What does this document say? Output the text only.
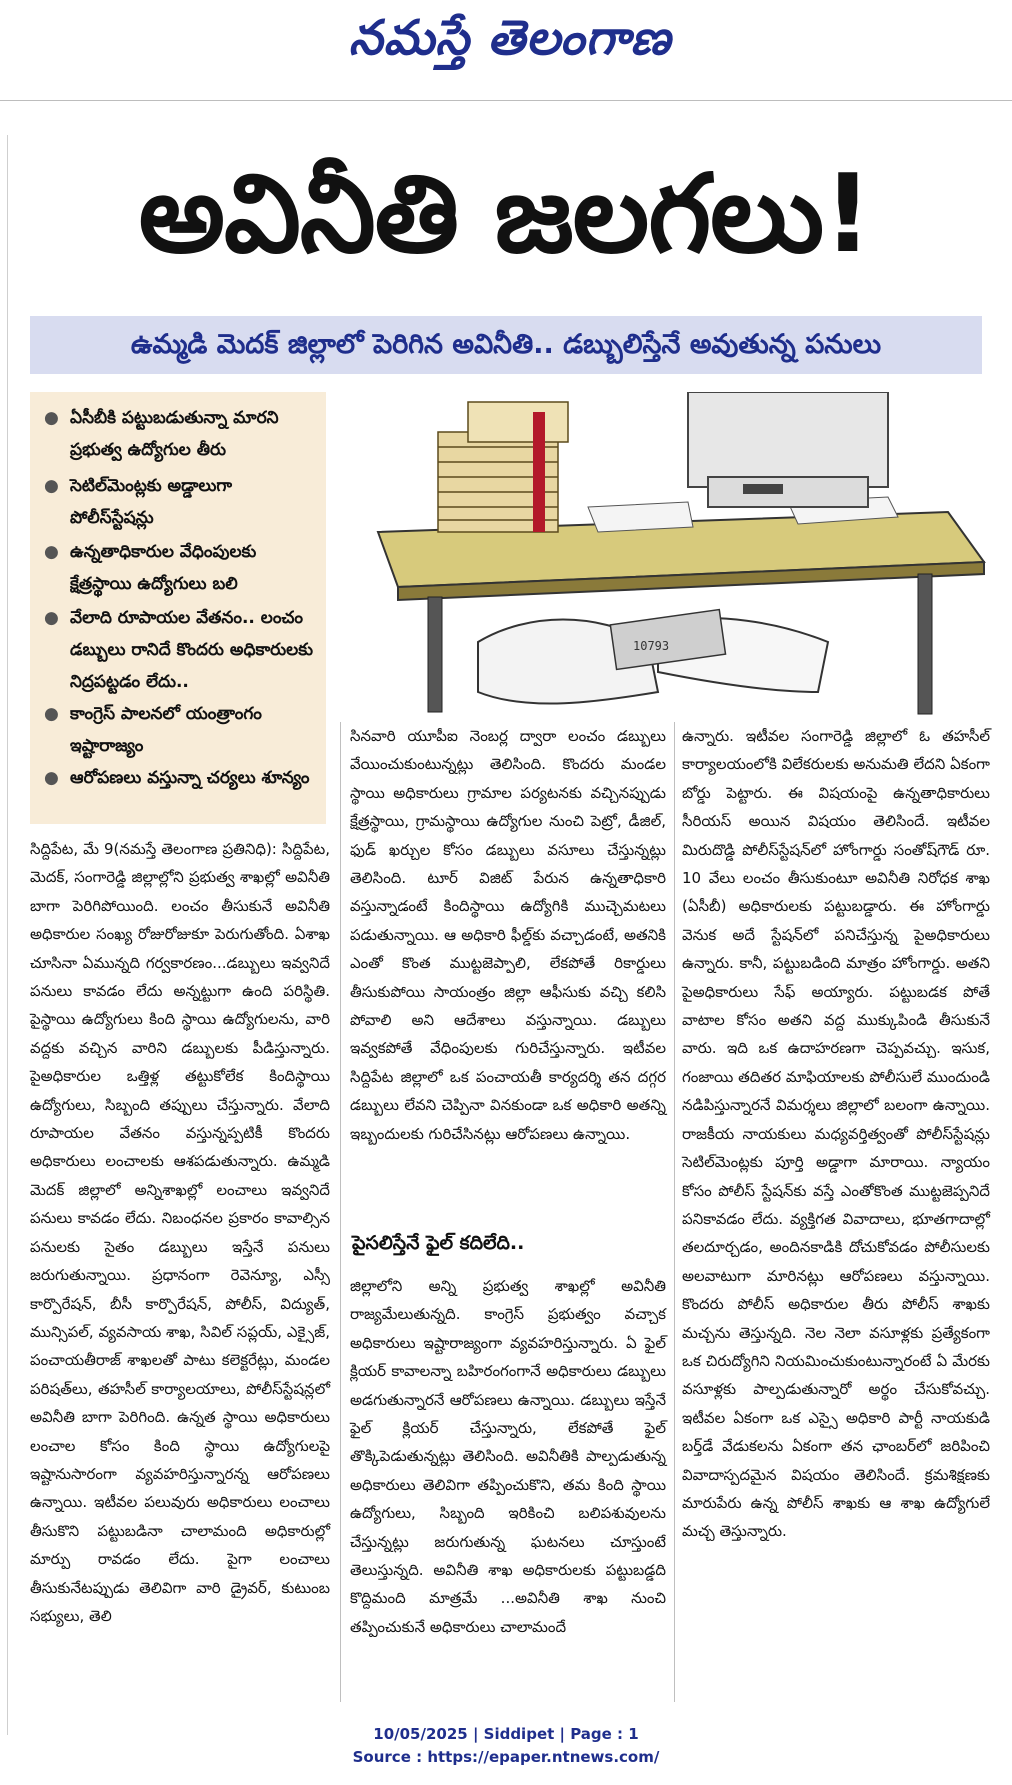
నమస్తే తెలంగాణ
అవినీతి జలగలు!
ఉమ్మడి మెదక్ జిల్లాలో పెరిగిన అవినీతి.. డబ్బులిస్తేనే అవుతున్న పనులు
● ఏసీబీకి పట్టుబడుతున్నా మారని ప్రభుత్వ ఉద్యోగుల తీరు
● సెటిల్‌మెంట్లకు అడ్డాలుగా పోలీస్‌స్టేషన్లు
● ఉన్నతాధికారుల వేధింపులకు క్షేత్రస్థాయి ఉద్యోగులు బలి
● వేలాది రూపాయల వేతనం.. లంచం డబ్బులు రానిదే కొందరు అధికారులకు నిద్రపట్టడం లేదు..
● కాంగ్రెస్ పాలనలో యంత్రాంగం ఇష్టారాజ్యం
● ఆరోపణలు వస్తున్నా చర్యలు శూన్యం
10793
సిద్దిపేట, మే 9(నమస్తే తెలంగాణ ప్రతినిధి): సిద్దిపేట, మెదక్, సంగారెడ్డి జిల్లాల్లోని ప్రభుత్వ శాఖల్లో అవినీతి బాగా పెరిగిపోయింది. లంచం తీసుకునే అవినీతి అధికారుల సంఖ్య రోజురోజుకూ పెరుగుతోంది. ఏశాఖ చూసినా ఏమున్నది గర్వకారణం...డబ్బులు ఇవ్వనిదే పనులు కావడం లేదు అన్నట్టుగా ఉంది పరిస్థితి. పైస్థాయి ఉద్యోగులు కింది స్థాయి ఉద్యోగులను, వారి వద్దకు వచ్చిన వారిని డబ్బులకు పీడిస్తున్నారు. పైఅధికారుల ఒత్తిళ్ల తట్టుకోలేక కిందిస్థాయి ఉద్యోగులు, సిబ్బంది తప్పులు చేస్తున్నారు. వేలాది రూపాయల వేతనం వస్తున్నప్పటికీ కొందరు అధికారులు లంచాలకు ఆశపడుతున్నారు. ఉమ్మడి మెదక్ జిల్లాలో అన్నిశాఖల్లో లంచాలు ఇవ్వనిదే పనులు కావడం లేదు. నిబంధనల ప్రకారం కావాల్సిన పనులకు సైతం డబ్బులు ఇస్తేనే పనులు జరుగుతున్నాయి. ప్రధానంగా రెవెన్యూ, ఎస్సీ కార్పొరేషన్, బీసీ కార్పొరేషన్, పోలీస్, విద్యుత్, మున్సిపల్, వ్యవసాయ శాఖ, సివిల్ సప్లయ్, ఎక్సైజ్, పంచాయతీరాజ్ శాఖలతో పాటు కలెక్టరేట్లు, మండల పరిషత్‌లు, తహసీల్ కార్యాలయాలు, పోలీస్‌స్టేషన్లలో అవినీతి బాగా పెరిగింది. ఉన్నత స్థాయి అధికారులు లంచాల కోసం కింది స్థాయి ఉద్యోగులపై ఇష్టానుసారంగా వ్యవహరిస్తున్నారన్న ఆరోపణలు ఉన్నాయి. ఇటీవల పలువురు అధికారులు లంచాలు తీసుకొని పట్టుబడినా చాలామంది అధికారుల్లో మార్పు రావడం లేదు. పైగా లంచాలు తీసుకునేటప్పుడు తెలివిగా వారి డ్రైవర్, కుటుంబ సభ్యులు, తెలి
సినవారి యూపీఐ నెంబర్ల ద్వారా లంచం డబ్బులు వేయించుకుంటున్నట్లు తెలిసింది. కొందరు మండల స్థాయి అధికారులు గ్రామాల పర్యటనకు వచ్చినప్పుడు క్షేత్రస్థాయి, గ్రామస్థాయి ఉద్యోగుల నుంచి పెట్రో, డీజిల్, ఫుడ్ ఖర్చుల కోసం డబ్బులు వసూలు చేస్తున్నట్లు తెలిసింది. టూర్ విజిట్ పేరున ఉన్నతాధికారి వస్తున్నాడంటే కిందిస్థాయి ఉద్యోగికి ముచ్చెమటలు పడుతున్నాయి. ఆ అధికారి ఫీల్డ్‌కు వచ్చాడంటే, అతనికి ఎంతో కొంత ముట్టజెప్పాలి, లేకపోతే రికార్డులు తీసుకుపోయి సాయంత్రం జిల్లా ఆఫీసుకు వచ్చి కలిసి పోవాలి అని ఆదేశాలు వస్తున్నాయి. డబ్బులు ఇవ్వకపోతే వేధింపులకు గురిచేస్తున్నారు. ఇటీవల సిద్దిపేట జిల్లాలో ఒక పంచాయతీ కార్యదర్శి తన దగ్గర డబ్బులు లేవని చెప్పినా వినకుండా ఒక అధికారి అతన్ని ఇబ్బందులకు గురిచేసినట్లు ఆరోపణలు ఉన్నాయి.
పైసలిస్తేనే ఫైల్ కదిలేది..
జిల్లాలోని అన్ని ప్రభుత్వ శాఖల్లో అవినీతి రాజ్యమేలుతున్నది. కాంగ్రెస్ ప్రభుత్వం వచ్చాక అధికారులు ఇష్టారాజ్యంగా వ్యవహరిస్తున్నారు. ఏ ఫైల్ క్లియర్ కావాలన్నా బహిరంగంగానే అధికారులు డబ్బులు అడగుతున్నారనే ఆరోపణలు ఉన్నాయి. డబ్బులు ఇస్తేనే ఫైల్ క్లియర్ చేస్తున్నారు, లేకపోతే ఫైల్ తొక్కిపెడుతున్నట్లు తెలిసింది. అవినీతికి పాల్పడుతున్న అధికారులు తెలివిగా తప్పించుకొని, తమ కింది స్థాయి ఉద్యోగులు, సిబ్బంది ఇరికించి బలిపశువులను చేస్తున్నట్లు జరుగుతున్న ఘటనలు చూస్తుంటే తెలుస్తున్నది. అవినీతి శాఖ అధికారులకు పట్టుబడ్డది కొద్దిమంది మాత్రమే ...అవినీతి శాఖ నుంచి తప్పించుకునే అధికారులు చాలామందే
ఉన్నారు. ఇటీవల సంగారెడ్డి జిల్లాలో ఓ తహసీల్ కార్యాలయంలోకి విలేకరులకు అనుమతి లేదని ఏకంగా బోర్డు పెట్టారు. ఈ విషయంపై ఉన్నతాధికారులు సీరియస్ అయిన విషయం తెలిసిందే. ఇటీవల మిరుదొడ్డి పోలీస్‌స్టేషన్‌లో హోంగార్డు సంతోష్‌గౌడ్ రూ. 10 వేలు లంచం తీసుకుంటూ అవినీతి నిరోధక శాఖ (ఏసీబీ) అధికారులకు పట్టుబడ్డారు. ఈ హోంగార్డు వెనుక అదే స్టేషన్‌లో పనిచేస్తున్న పైఅధికారులు ఉన్నారు. కానీ, పట్టుబడింది మాత్రం హోంగార్డు. అతని పైఅధికారులు సేఫ్ అయ్యారు. పట్టుబడక పోతే వాటాల కోసం అతని వద్ద ముక్కుపిండి తీసుకునే వారు. ఇది ఒక ఉదాహరణగా చెప్పవచ్చు. ఇసుక, గంజాయి తదితర మాఫియాలకు పోలీసులే ముందుండి నడిపిస్తున్నారనే విమర్శలు జిల్లాలో బలంగా ఉన్నాయి. రాజకీయ నాయకులు మధ్యవర్తిత్వంతో పోలీస్‌స్టేషన్లు సెటిల్‌మెంట్లకు పూర్తి అడ్డాగా మారాయి. న్యాయం కోసం పోలీస్ స్టేషన్‌కు వస్తే ఎంతోకొంత ముట్టజెప్పనిదే పనికావడం లేదు. వ్యక్తిగత వివాదాలు, భూతగాదాల్లో తలదూర్చడం, అందినకాడికి దోచుకోవడం పోలీసులకు అలవాటుగా మారినట్లు ఆరోపణలు వస్తున్నాయి. కొందరు పోలీస్ అధికారుల తీరు పోలీస్ శాఖకు మచ్చను తెస్తున్నది. నెల నెలా వసూళ్లకు ప్రత్యేకంగా ఒక చిరుద్యోగిని నియమించుకుంటున్నారంటే ఏ మేరకు వసూళ్లకు పాల్పడుతున్నారో అర్థం చేసుకోవచ్చు. ఇటీవల ఏకంగా ఒక ఎస్సై అధికారి పార్టీ నాయకుడి బర్త్‌డే వేడుకలను ఏకంగా తన ఛాంబర్‌లో జరిపించి వివాదాస్పదమైన విషయం తెలిసిందే. క్రమశిక్షణకు మారుపేరు ఉన్న పోలీస్ శాఖకు ఆ శాఖ ఉద్యోగులే మచ్చ తెస్తున్నారు.
10/05/2025 | Siddipet | Page : 1
Source : https://epaper.ntnews.com/
